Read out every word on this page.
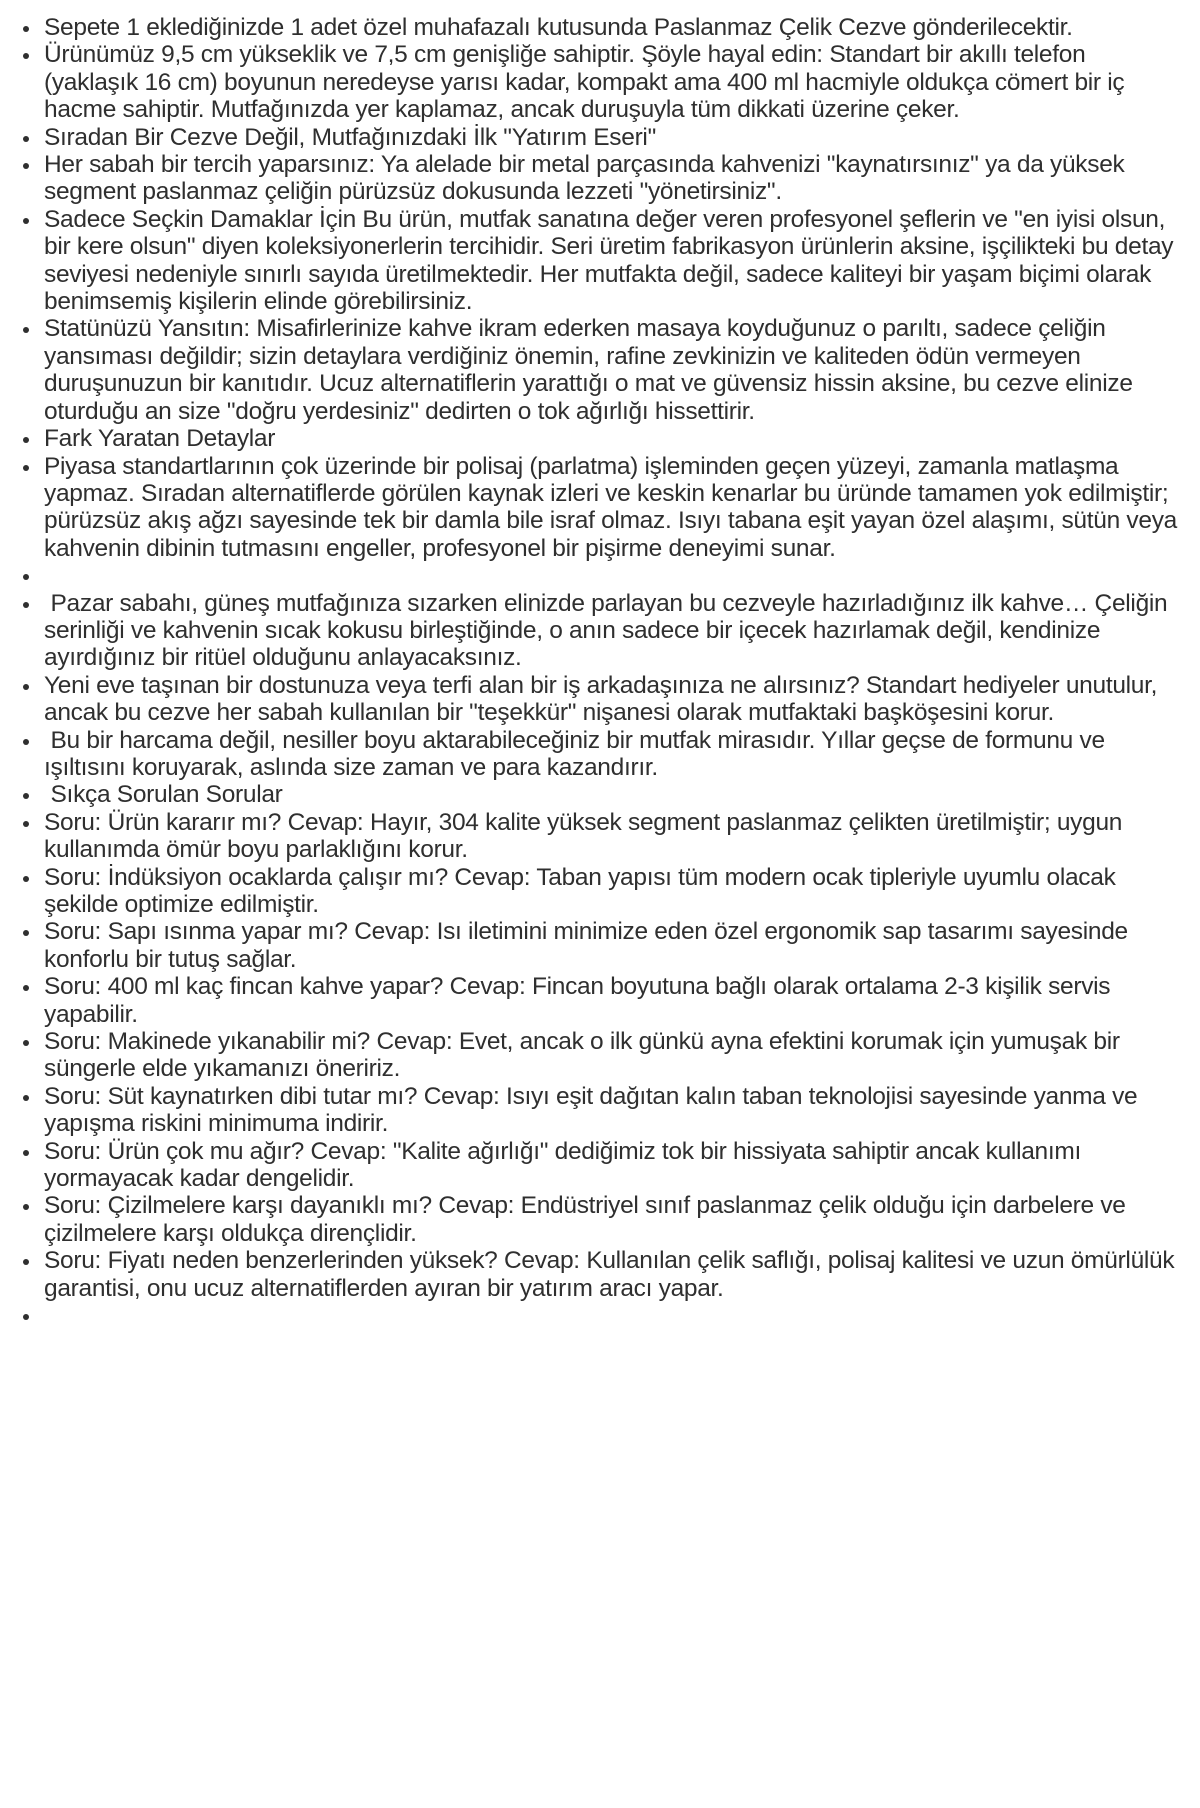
• Sepete 1 eklediğinizde 1 adet özel muhafazalı kutusunda Paslanmaz Çelik Cezve gönderilecektir.
• Ürünümüz 9,5 cm yükseklik ve 7,5 cm genişliğe sahiptir. Şöyle hayal edin: Standart bir akıllı telefon (yaklaşık 16 cm) boyunun neredeyse yarısı kadar, kompakt ama 400 ml hacmiyle oldukça cömert bir iç hacme sahiptir. Mutfağınızda yer kaplamaz, ancak duruşuyla tüm dikkati üzerine çeker.
• Sıradan Bir Cezve Değil, Mutfağınızdaki İlk "Yatırım Eseri"
• Her sabah bir tercih yaparsınız: Ya alelade bir metal parçasında kahvenizi "kaynatırsınız" ya da yüksek segment paslanmaz çeliğin pürüzsüz dokusunda lezzeti "yönetirsiniz".
• Sadece Seçkin Damaklar İçin Bu ürün, mutfak sanatına değer veren profesyonel şeflerin ve "en iyisi olsun, bir kere olsun" diyen koleksiyonerlerin tercihidir. Seri üretim fabrikasyon ürünlerin aksine, işçilikteki bu detay seviyesi nedeniyle sınırlı sayıda üretilmektedir. Her mutfakta değil, sadece kaliteyi bir yaşam biçimi olarak benimsemiş kişilerin elinde görebilirsiniz.
• Statünüzü Yansıtın: Misafirlerinize kahve ikram ederken masaya koyduğunuz o parıltı, sadece çeliğin yansıması değildir; sizin detaylara verdiğiniz önemin, rafine zevkinizin ve kaliteden ödün vermeyen duruşunuzun bir kanıtıdır. Ucuz alternatiflerin yarattığı o mat ve güvensiz hissin aksine, bu cezve elinize oturduğu an size "doğru yerdesiniz" dedirten o tok ağırlığı hissettirir.
• Fark Yaratan Detaylar
• Piyasa standartlarının çok üzerinde bir polisaj (parlatma) işleminden geçen yüzeyi, zamanla matlaşma yapmaz. Sıradan alternatiflerde görülen kaynak izleri ve keskin kenarlar bu üründe tamamen yok edilmiştir; pürüzsüz akış ağzı sayesinde tek bir damla bile israf olmaz. Isıyı tabana eşit yayan özel alaşımı, sütün veya kahvenin dibinin tutmasını engeller, profesyonel bir pişirme deneyimi sunar.
•
•  Pazar sabahı, güneş mutfağınıza sızarken elinizde parlayan bu cezveyle hazırladığınız ilk kahve… Çeliğin serinliği ve kahvenin sıcak kokusu birleştiğinde, o anın sadece bir içecek hazırlamak değil, kendinize ayırdığınız bir ritüel olduğunu anlayacaksınız.
• Yeni eve taşınan bir dostunuza veya terfi alan bir iş arkadaşınıza ne alırsınız? Standart hediyeler unutulur, ancak bu cezve her sabah kullanılan bir "teşekkür" nişanesi olarak mutfaktaki başköşesini korur.
•  Bu bir harcama değil, nesiller boyu aktarabileceğiniz bir mutfak mirasıdır. Yıllar geçse de formunu ve ışıltısını koruyarak, aslında size zaman ve para kazandırır.
•  Sıkça Sorulan Sorular
• Soru: Ürün kararır mı? Cevap: Hayır, 304 kalite yüksek segment paslanmaz çelikten üretilmiştir; uygun kullanımda ömür boyu parlaklığını korur.
• Soru: İndüksiyon ocaklarda çalışır mı? Cevap: Taban yapısı tüm modern ocak tipleriyle uyumlu olacak şekilde optimize edilmiştir.
• Soru: Sapı ısınma yapar mı? Cevap: Isı iletimini minimize eden özel ergonomik sap tasarımı sayesinde konforlu bir tutuş sağlar.
• Soru: 400 ml kaç fincan kahve yapar? Cevap: Fincan boyutuna bağlı olarak ortalama 2-3 kişilik servis yapabilir.
• Soru: Makinede yıkanabilir mi? Cevap: Evet, ancak o ilk günkü ayna efektini korumak için yumuşak bir süngerle elde yıkamanızı öneririz.
• Soru: Süt kaynatırken dibi tutar mı? Cevap: Isıyı eşit dağıtan kalın taban teknolojisi sayesinde yanma ve yapışma riskini minimuma indirir.
• Soru: Ürün çok mu ağır? Cevap: "Kalite ağırlığı" dediğimiz tok bir hissiyata sahiptir ancak kullanımı yormayacak kadar dengelidir.
• Soru: Çizilmelere karşı dayanıklı mı? Cevap: Endüstriyel sınıf paslanmaz çelik olduğu için darbelere ve çizilmelere karşı oldukça dirençlidir.
• Soru: Fiyatı neden benzerlerinden yüksek? Cevap: Kullanılan çelik saflığı, polisaj kalitesi ve uzun ömürlülük garantisi, onu ucuz alternatiflerden ayıran bir yatırım aracı yapar.
•
